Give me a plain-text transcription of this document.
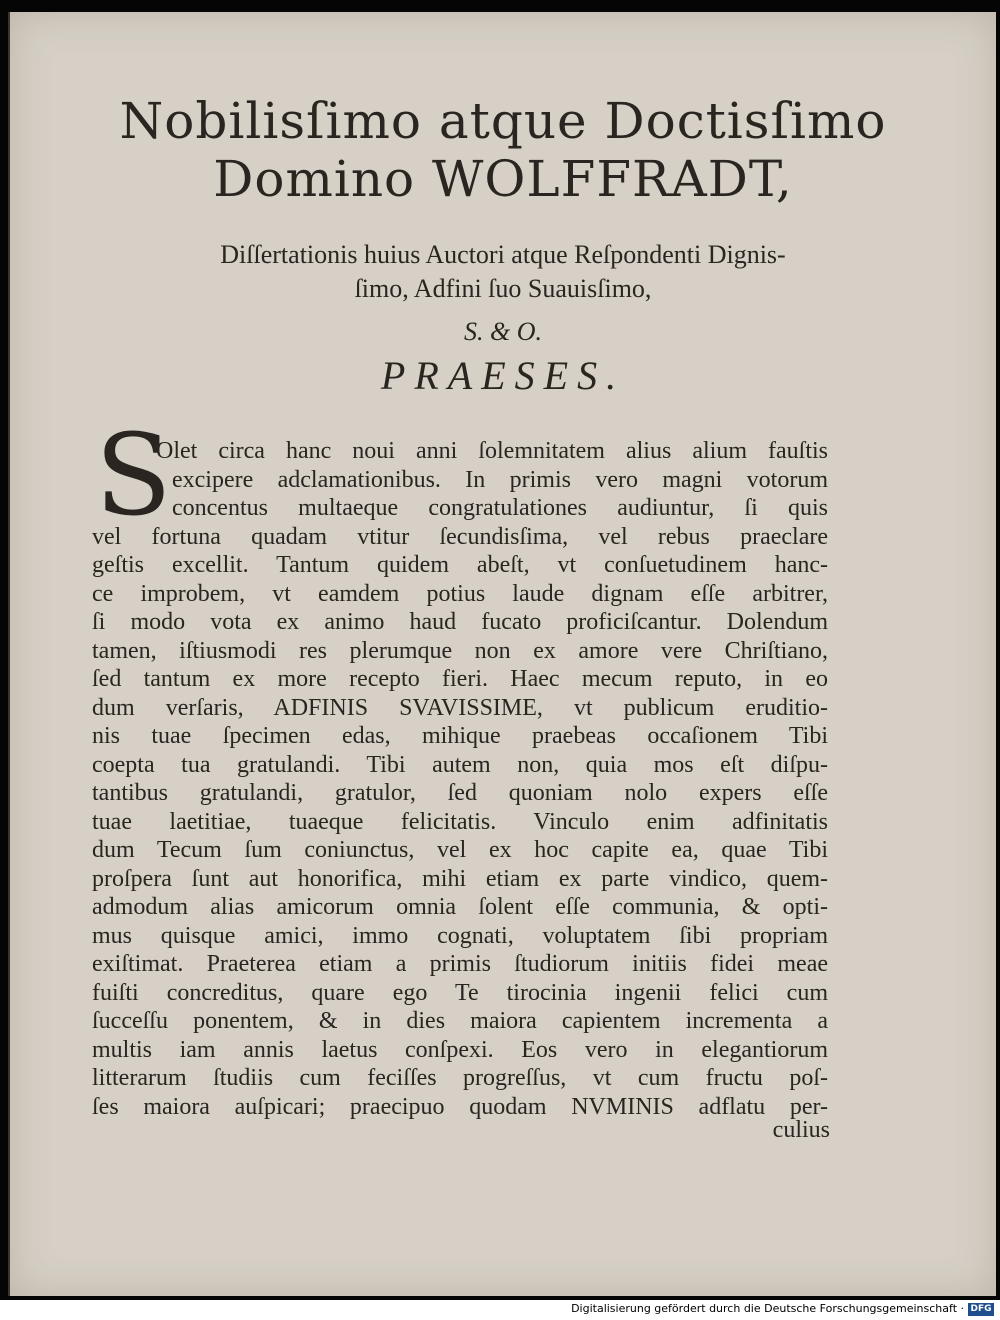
Nobilisſimo atque Doctisſimo
Domino WOLFFRADT,
Diſſertationis huius Auctori atque Reſpondenti Dignis-
ſimo, Adfini ſuo Suauisſimo,
S. & O.
PRAESES.
S
culius
Olet circa hanc noui anni ſolemnitatem alius alium fauſtis
excipere adclamationibus. In primis vero magni votorum
concentus multaeque congratulationes audiuntur, ſi quis
vel fortuna quadam vtitur ſecundisſima, vel rebus praeclare
geſtis excellit. Tantum quidem abeſt, vt conſuetudinem hanc-
ce improbem, vt eamdem potius laude dignam eſſe arbitrer,
ſi modo vota ex animo haud fucato proficiſcantur. Dolendum
tamen, iſtiusmodi res plerumque non ex amore vere Chriſtiano,
ſed tantum ex more recepto fieri. Haec mecum reputo, in eo
dum verſaris, ADFINIS SVAVISSIME, vt publicum eruditio-
nis tuae ſpecimen edas, mihique praebeas occaſionem Tibi
coepta tua gratulandi. Tibi autem non, quia mos eſt diſpu-
tantibus gratulandi, gratulor, ſed quoniam nolo expers eſſe
tuae laetitiae, tuaeque felicitatis. Vinculo enim adfinitatis
dum Tecum ſum coniunctus, vel ex hoc capite ea, quae Tibi
proſpera ſunt aut honorifica, mihi etiam ex parte vindico, quem-
admodum alias amicorum omnia ſolent eſſe communia, & opti-
mus quisque amici, immo cognati, voluptatem ſibi propriam
exiſtimat. Praeterea etiam a primis ſtudiorum initiis fidei meae
fuiſti concreditus, quare ego Te tirocinia ingenii felici cum
ſucceſſu ponentem, & in dies maiora capientem incrementa a
multis iam annis laetus conſpexi. Eos vero in elegantiorum
litterarum ſtudiis cum feciſſes progreſſus, vt cum fructu poſ-
ſes maiora auſpicari; praecipuo quodam NVMINIS adflatu per-
Digitalisierung gefördert durch die Deutsche Forschungsgemeinschaft · DFG
